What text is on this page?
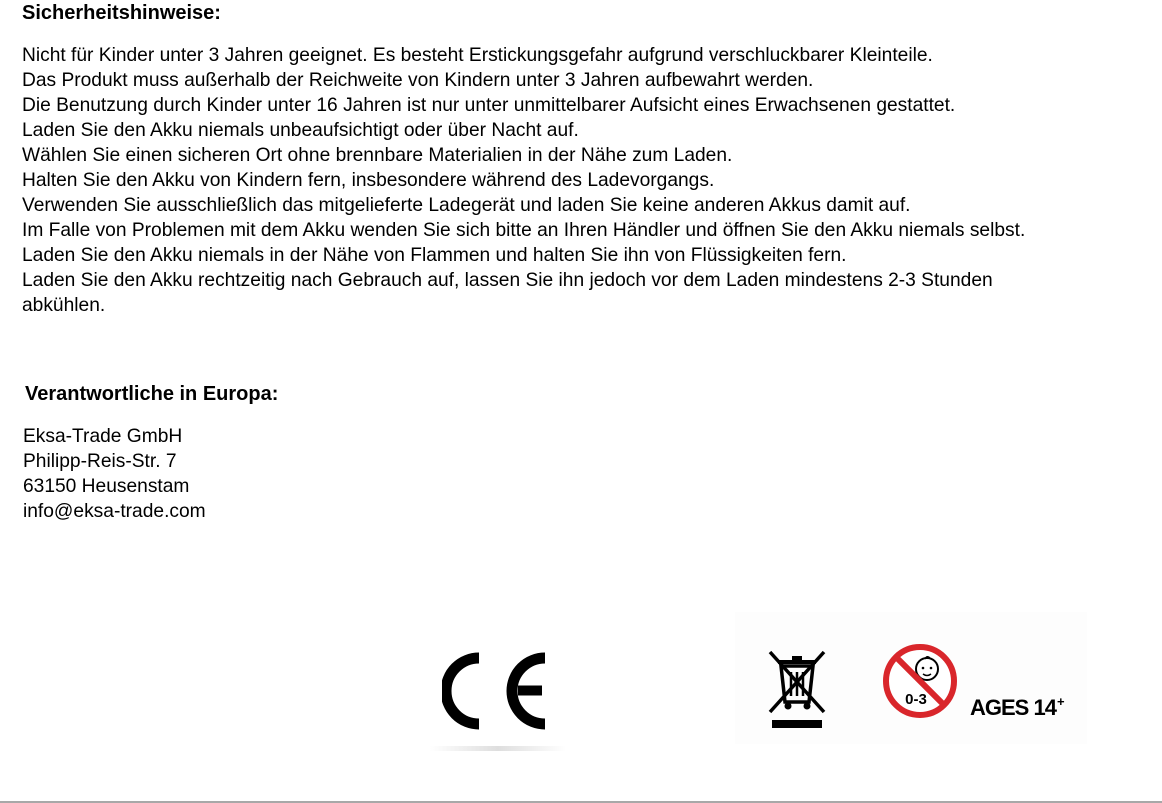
Sicherheitshinweise:
Nicht für Kinder unter 3 Jahren geeignet. Es besteht Erstickungsgefahr aufgrund verschluckbarer Kleinteile.
Das Produkt muss außerhalb der Reichweite von Kindern unter 3 Jahren aufbewahrt werden.
Die Benutzung durch Kinder unter 16 Jahren ist nur unter unmittelbarer Aufsicht eines Erwachsenen gestattet.
Laden Sie den Akku niemals unbeaufsichtigt oder über Nacht auf.
Wählen Sie einen sicheren Ort ohne brennbare Materialien in der Nähe zum Laden.
Halten Sie den Akku von Kindern fern, insbesondere während des Ladevorgangs.
Verwenden Sie ausschließlich das mitgelieferte Ladegerät und laden Sie keine anderen Akkus damit auf.
Im Falle von Problemen mit dem Akku wenden Sie sich bitte an Ihren Händler und öffnen Sie den Akku niemals selbst.
Laden Sie den Akku niemals in der Nähe von Flammen und halten Sie ihn von Flüssigkeiten fern.
Laden Sie den Akku rechtzeitig nach Gebrauch auf, lassen Sie ihn jedoch vor dem Laden mindestens 2-3 Stunden
abkühlen.
Verantwortliche in Europa:
Eksa-Trade GmbH
Philipp-Reis-Str. 7
63150 Heusenstam
info@eksa-trade.com
CE	0-3 AGES 14+
